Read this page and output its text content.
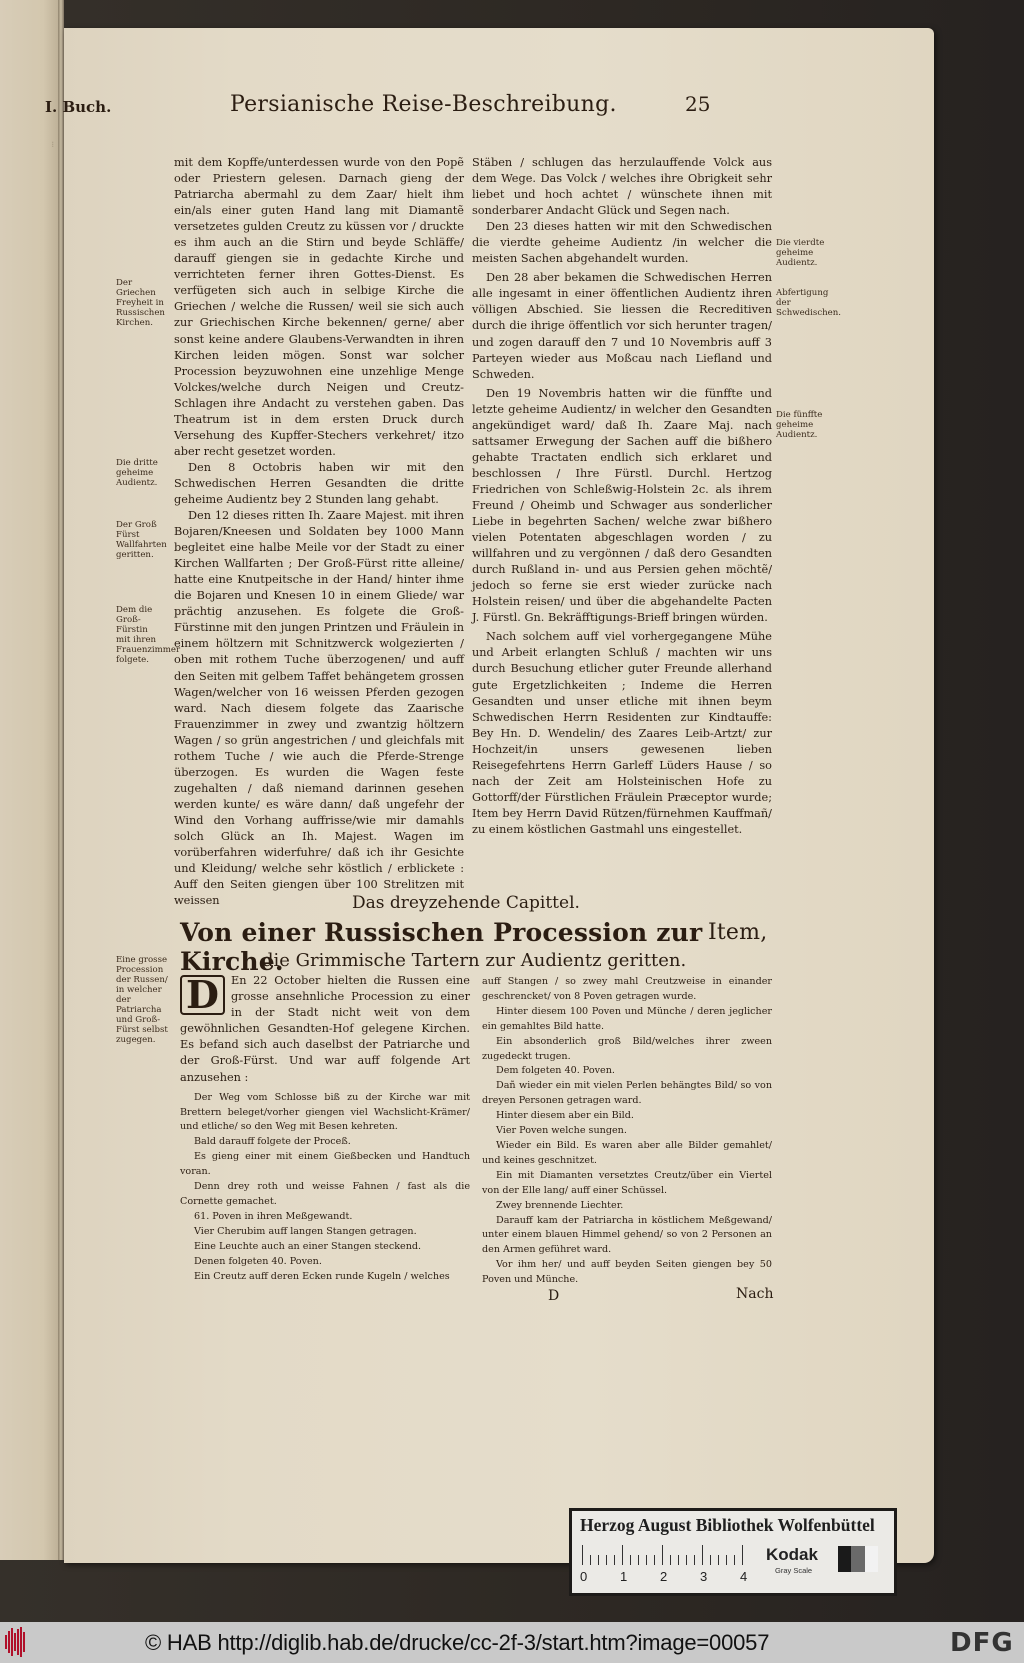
⁝
I. Buch.	Persianische Reise-Beschreibung.	25

mit dem Kopffe/unterdessen wurde von den Popẽ oder Priestern gelesen. Darnach gieng der Patriarcha abermahl zu dem Zaar/ hielt ihm ein/als einer guten Hand lang mit Diamantẽ versetzetes gulden Creutz zu küssen vor / druckte es ihm auch an die Stirn und beyde Schläffe/ darauff giengen sie in gedachte Kirche und verrichteten ferner ihren Gottes-Dienst. Es verfügeten sich auch in selbige Kirche die Griechen / welche die Russen/ weil sie sich auch zur Griechischen Kirche bekennen/ gerne/ aber sonst keine andere Glaubens-Verwandten in ihren Kirchen leiden mögen. Sonst war solcher Procession beyzuwohnen eine unzehlige Menge Volckes/welche durch Neigen und Creutz-Schlagen ihre Andacht zu verstehen gaben. Das Theatrum ist in dem ersten Druck durch Versehung des Kupffer-Stechers verkehret/ itzo aber recht gesetzet worden.

Den 8 Octobris haben wir mit den Schwedischen Herren Gesandten die dritte geheime Audientz bey 2 Stunden lang gehabt.

Den 12 dieses ritten Ih. Zaare Majest. mit ihren Bojaren/Kneesen und Soldaten bey 1000 Mann begleitet eine halbe Meile vor der Stadt zu einer Kirchen Wallfarten ; Der Groß-Fürst ritte alleine/ hatte eine Knutpeitsche in der Hand/ hinter ihme die Bojaren und Knesen 10 in einem Gliede/ war prächtig anzusehen. Es folgete die Groß-Fürstinne mit den jungen Printzen und Fräulein in einem höltzern mit Schnitzwerck wolgezierten / oben mit rothem Tuche überzogenen/ und auff den Seiten mit gelbem Taffet behängetem grossen Wagen/welcher von 16 weissen Pferden gezogen ward. Nach diesem folgete das Zaarische Frauenzimmer in zwey und zwantzig höltzern Wagen / so grün angestrichen / und gleichfals mit rothem Tuche / wie auch die Pferde-Strenge überzogen. Es wurden die Wagen feste zugehalten / daß niemand darinnen gesehen werden kunte/ es wäre dann/ daß ungefehr der Wind den Vorhang auffrisse/wie mir damahls solch Glück an Ih. Majest. Wagen im vorüberfahren widerfuhre/ daß ich ihr Gesichte und Kleidung/ welche sehr köstlich / erblickete : Auff den Seiten giengen über 100 Strelitzen mit weissen

Stäben / schlugen das herzulauffende Volck aus dem Wege. Das Volck / welches ihre Obrigkeit sehr liebet und hoch achtet / wünschete ihnen mit sonderbarer Andacht Glück und Segen nach.

Den 23 dieses hatten wir mit den Schwedischen die vierdte geheime Audientz /in welcher die meisten Sachen abgehandelt wurden.

Den 28 aber bekamen die Schwedischen Herren alle ingesamt in einer öffentlichen Audientz ihren völligen Abschied. Sie liessen die Recreditiven durch die ihrige öffentlich vor sich herunter tragen/ und zogen darauff den 7 und 10 Novembris auff 3 Parteyen wieder aus Moßcau nach Liefland und Schweden.

Den 19 Novembris hatten wir die fünffte und letzte geheime Audientz/ in welcher den Gesandten angekündiget ward/ daß Ih. Zaare Maj. nach sattsamer Erwegung der Sachen auff die bißhero gehabte Tractaten endlich sich erklaret und beschlossen / Ihre Fürstl. Durchl. Hertzog Friedrichen von Schleßwig-Holstein 2c. als ihrem Freund / Oheimb und Schwager aus sonderlicher Liebe in begehrten Sachen/ welche zwar bißhero vielen Potentaten abgeschlagen worden / zu willfahren und zu vergönnen / daß dero Gesandten durch Rußland in- und aus Persien gehen möchtẽ/ jedoch so ferne sie erst wieder zurücke nach Holstein reisen/ und über die abgehandelte Pacten J. Fürstl. Gn. Bekräfftigungs-Brieff bringen würden.

Nach solchem auff viel vorhergegangene Mühe und Arbeit erlangten Schluß / machten wir uns durch Besuchung etlicher guter Freunde allerhand gute Ergetzlichkeiten ; Indeme die Herren Gesandten und unser etliche mit ihnen beym Schwedischen Herrn Residenten zur Kindtauffe: Bey Hn. D. Wendelin/ des Zaares Leib-Artzt/ zur Hochzeit/in unsers gewesenen lieben Reisegefehrtens Herrn Garleff Lüders Hause / so nach der Zeit am Holsteinischen Hofe zu Gottorff/der Fürstlichen Fräulein Præceptor wurde; Item bey Herrn David Rützen/fürnehmen Kauffmañ/ zu einem köstlichen Gastmahl uns eingestellet.

Der Griechen Freyheit in Russischen Kirchen.
Die dritte geheime Audientz.
Der Groß Fürst Wallfahrten geritten.
Dem die Groß-Fürstin mit ihren Frauenzimmer folgete.
Die vierdte geheime Audientz.
Abfertigung der Schwedischen.
Die fünffte geheime Audientz.
Eine grosse Procession der Russen/ in welcher der Patriarcha und Groß-Fürst selbst zugegen.
Das dreyzehende Capittel.
Von einer Russischen Procession zur Kirche.
Item,
die Grimmische Tartern zur Audientz geritten.
D	En 22 October hielten die Russen eine grosse ansehnliche Procession zu einer in der Stadt nicht weit von dem gewöhnlichen Gesandten-Hof gelegene Kirchen. Es befand sich auch daselbst der Patriarche und der Groß-Fürst. Und war auff folgende Art anzusehen :

Der Weg vom Schlosse biß zu der Kirche war mit Brettern beleget/vorher giengen viel Wachslicht-Krämer/ und etliche/ so den Weg mit Besen kehreten.

Bald darauff folgete der Proceß.

Es gieng einer mit einem Gießbecken und Handtuch voran.

Denn drey roth und weisse Fahnen / fast als die Cornette gemachet.

61. Poven in ihren Meßgewandt.

Vier Cherubim auff langen Stangen getragen.

Eine Leuchte auch an einer Stangen steckend.

Denen folgeten 40. Poven.

Ein Creutz auff deren Ecken runde Kugeln / welches

auff Stangen / so zwey mahl Creutzweise in einander geschrencket/ von 8 Poven getragen wurde.

Hinter diesem 100 Poven und Münche / deren jeglicher ein gemahltes Bild hatte.

Ein absonderlich groß Bild/welches ihrer zween zugedeckt trugen.

Dem folgeten 40. Poven.

Dañ wieder ein mit vielen Perlen behängtes Bild/ so von dreyen Personen getragen ward.

Hinter diesem aber ein Bild.

Vier Poven welche sungen.

Wieder ein Bild. Es waren aber alle Bilder gemahlet/ und keines geschnitzet.

Ein mit Diamanten versetztes Creutz/über ein Viertel von der Elle lang/ auff einer Schüssel.

Zwey brennende Liechter.

Darauff kam der Patriarcha in köstlichem Meßgewand/ unter einem blauen Himmel gehend/ so von 2 Personen an den Armen geführet ward.

Vor ihm her/ und auff beyden Seiten giengen bey 50 Poven und Münche.

D	Nach
Herzog August Bibliothek Wolfenbüttel
0	1	2	3	4
Kodak
Gray Scale
© HAB http://diglib.hab.de/drucke/cc-2f-3/start.htm?image=00057	DFG
